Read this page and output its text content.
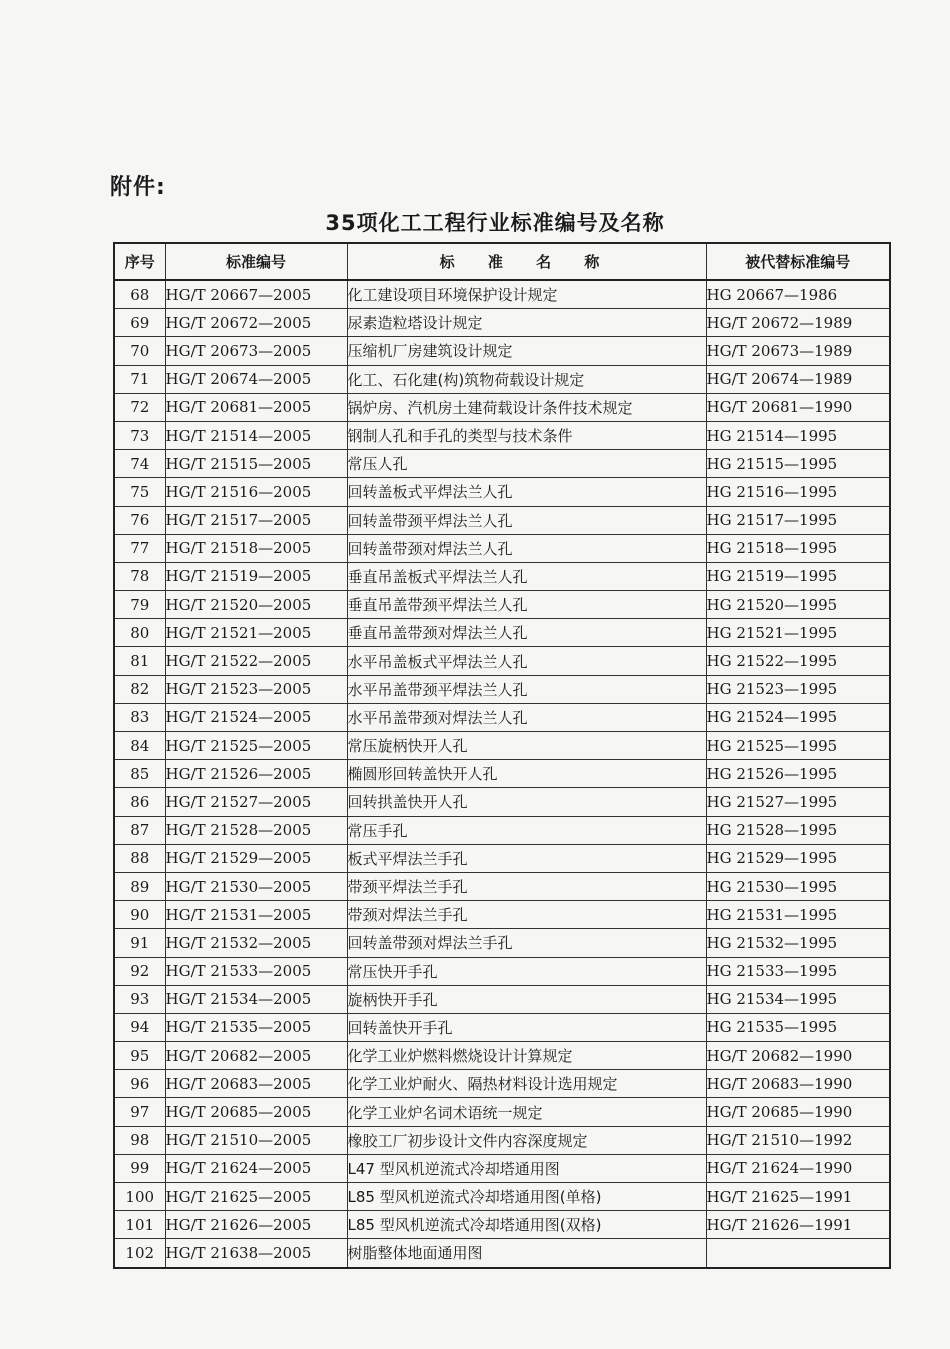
附件:
35项化工工程行业标准编号及名称
序号	标准编号	标 准 名 称	被代替标准编号
68	HG/T 20667—2005	化工建设项目环境保护设计规定	HG 20667—1986
69	HG/T 20672—2005	尿素造粒塔设计规定	HG/T 20672—1989
70	HG/T 20673—2005	压缩机厂房建筑设计规定	HG/T 20673—1989
71	HG/T 20674—2005	化工、石化建(构)筑物荷载设计规定	HG/T 20674—1989
72	HG/T 20681—2005	锅炉房、汽机房土建荷载设计条件技术规定	HG/T 20681—1990
73	HG/T 21514—2005	钢制人孔和手孔的类型与技术条件	HG 21514—1995
74	HG/T 21515—2005	常压人孔	HG 21515—1995
75	HG/T 21516—2005	回转盖板式平焊法兰人孔	HG 21516—1995
76	HG/T 21517—2005	回转盖带颈平焊法兰人孔	HG 21517—1995
77	HG/T 21518—2005	回转盖带颈对焊法兰人孔	HG 21518—1995
78	HG/T 21519—2005	垂直吊盖板式平焊法兰人孔	HG 21519—1995
79	HG/T 21520—2005	垂直吊盖带颈平焊法兰人孔	HG 21520—1995
80	HG/T 21521—2005	垂直吊盖带颈对焊法兰人孔	HG 21521—1995
81	HG/T 21522—2005	水平吊盖板式平焊法兰人孔	HG 21522—1995
82	HG/T 21523—2005	水平吊盖带颈平焊法兰人孔	HG 21523—1995
83	HG/T 21524—2005	水平吊盖带颈对焊法兰人孔	HG 21524—1995
84	HG/T 21525—2005	常压旋柄快开人孔	HG 21525—1995
85	HG/T 21526—2005	椭圆形回转盖快开人孔	HG 21526—1995
86	HG/T 21527—2005	回转拱盖快开人孔	HG 21527—1995
87	HG/T 21528—2005	常压手孔	HG 21528—1995
88	HG/T 21529—2005	板式平焊法兰手孔	HG 21529—1995
89	HG/T 21530—2005	带颈平焊法兰手孔	HG 21530—1995
90	HG/T 21531—2005	带颈对焊法兰手孔	HG 21531—1995
91	HG/T 21532—2005	回转盖带颈对焊法兰手孔	HG 21532—1995
92	HG/T 21533—2005	常压快开手孔	HG 21533—1995
93	HG/T 21534—2005	旋柄快开手孔	HG 21534—1995
94	HG/T 21535—2005	回转盖快开手孔	HG 21535—1995
95	HG/T 20682—2005	化学工业炉燃料燃烧设计计算规定	HG/T 20682—1990
96	HG/T 20683—2005	化学工业炉耐火、隔热材料设计选用规定	HG/T 20683—1990
97	HG/T 20685—2005	化学工业炉名词术语统一规定	HG/T 20685—1990
98	HG/T 21510—2005	橡胶工厂初步设计文件内容深度规定	HG/T 21510—1992
99	HG/T 21624—2005	L47 型风机逆流式冷却塔通用图	HG/T 21624—1990
100	HG/T 21625—2005	L85 型风机逆流式冷却塔通用图(单格)	HG/T 21625—1991
101	HG/T 21626—2005	L85 型风机逆流式冷却塔通用图(双格)	HG/T 21626—1991
102	HG/T 21638—2005	树脂整体地面通用图	
